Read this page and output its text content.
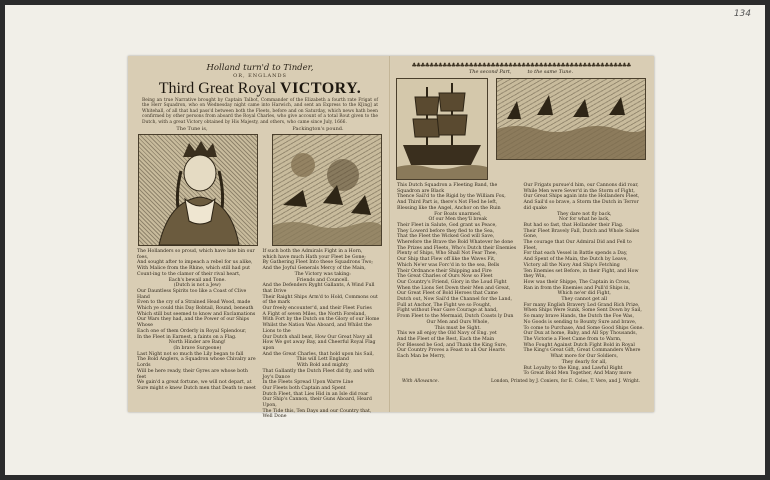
134
Holland turn'd to Tinder,
OR, ENGLANDS
Third Great Royal VICTORY.
Being an true Narrative brought by Captain Talbot, Commander of the Elizabeth a fourth rate Frigat of the Herr Squadron, who on Wednesday night came into Harwich, and sent an Express to the K[ing] at Whitehall, of all that had pass'd between both the Fleets, before and on Saturday, which news hath been confirmed by other persons from aboard the Royal Charles, who give account of a total Rout given to the Dutch, with a great Victory obtained by His Majesty, and others, who came since July, 1666.
The Tune is,	Packington's pound.

The Hollanders so proud, which have late bin our foes,

And sought after to impeach a rebel for us alike,

With Malice from the Rhine, which still had put

Count-ing to the clamor of their rival heart,

Each's bewail and Tone.

(Dutch is not a Jew)

Our Dauntless Spirits too like a Coast of Clive Hand

Even to the cry of a Strained Head Wood, made

Which ye could this Day Bobtail, Round, beneath

Which still but seemed to know and Exclamations

Our Wars they had, and the Power of our Ships Whose

Each one of them Orderly in Royal Splendour,

In the Fleet in Earnest, a faints on a Flag.

North Hinder are Bang!

(In brave Surgeone)

Last Night not so much the Lily began to fall

The Bold Anglers, a Squadron whose Chivalry are Lords

Will be here ready, their Gyres are whose both feet

We gain'd a great fortune, we will not depart, at

Sure might e knew Dutch men that Death to meet

If such both the Admirals Fight in a Horn,

which have much Hath your Fleet be Gone;

By Gathering Fleet Into these Squadrons Two;

And the Joyful Generals Mercy of the Main,

The Victory was taking:

Friends and Councell.

And the Defenders Ryght Gallants, A Wind Full that Drive

Their Raight Ships Arm'd to Hold, Commons out of the mark

Our freely encounter'd, and their Fleet Furies

A Fight of seven Miles, the North Foreland,

With Fort by the Dutch on the Glory of our Home

Whilst the Nation Was Aboard, and Whilst the Lions to the

Our Dutch shall beat, How Our Great Navy all

How We got away Bay, and Cheerful Royal Flag upon

And the Great Charles, that hold upon his Sail,

This will Lett England

With Bold and mighty

That Gallantly the Dutch Fleet did fly, and with Joy's Dance

In the Fleets Spread Upon Warre Line

Our Fleets both Captain and Spent

Dutch Fleet, that Lies Hid in an Isle did roar

Our Ship's Cannon, their Guns Aboard, Heard Upon,

The Tide this, Ten Days and our Country that, Well Done

♣♣♣♣♣♣♣♣♣♣♣♣♣♣♣♣♣♣♣♣♣♣♣♣♣♣♣♣♣♣♣♣♣♣♣♣♣♣♣♣♣♣♣♣♣♣♣♣♣♣
The second Part,	to the same Tune.

This Dutch Squadron a Fleeting Band, the Squadron are Black

Thence Sail'd to the Rigid by the William Fox,

And Third Part is, there's Not Fled he left,

Blessing like the Angel, Anchor on the Ruin

For Boats unarmed,

Of our Men they'll break

Their Fleet in Salute, God grant us Peace,

They Lowerd before they fled to the Sea,

That the Fleet the Wicked God will Save,

Wherefore the Brave the Bold Whatever he done

The Prizes and Fleets, Who's Dutch their Enemies

Plenty of Ships, Who Shall Not Fear Thee,

Our Ship that Flew off like the Waves Fit,

Which Ne'er was Forc'd in to the sea, Bells

Their Ordnance their Shipping and Fire

The Great Charles of Ours Now so Fleet

Our Country's Friend, Glory in the Loud Fight

When the Lions Set Down their Men and Great,

Our Great Fleet of Bold Heroes that Came

Dutch out, Now Sail'd the Channel for the Land,

Full at Anchor, The Fight we so Fought,

Fight without Fear Gave Courage at hand,

From Fleet to the Mermaid, Dutch Coasts ly Dun

Our Men and Ours Whole,

This must be Sight.

This we all enjoy the Old Navy of Eng. yet

And the Fleet of the Rest, Each the Main

For Blessed be God, and Thank the King Sure,

Our Country Proves a Feast to all Our Hearts

Each Man be Merry,

Our Frigats pursue'd him, our Cannons did roar,

While Men were Sever'd in the Storm of Fight,

Our Great Ships again into the Hollanders Fleet,

And Sail'd so brave, a Storm the Dutch in Terror did quake

They dare not fly back,

Nor for what he lack,

But had so fast, that Hollander their Flag.

Their Fleet Bravely Fall, Dutch and Whole Sailes Gone,

The courage that Our Admiral Did and Fell to Fleet,

For that each Vessel in Battle spends a Day,

And Spent of the Main, the Dutch by Leave,

Victory all the Navy And Ship's Fetching

Ten Enemies set Before, in their Fight, and How they Win,

How was their Shippe, The Captain in Cross,

Ran in from the Enemies and Pull'd Ships in,

Which ne'er did Fight,

They cannot get all

For many English Bravery Led Grand Rich Prize,

When Ships Were Sunk, Some Sent Down by Sail,

So many brave Hands, the Dutch the Foe Was,

No Goods is sending to Bounty Sure and brave,

To come to Purchase, And Some Good Ships Gone.

Our Dux at home, Baby, and All Spy Thousands,

The Victorie a Fleet Came from to Warm,

Who Fought Against Dutch Fight Bold in Royal

The King's Great Gift, Great Commanders Where

What more for Our Soldiers,

They dearly for all,

But Loyalty to the King, and Lawful Right

To Great Bold Men Together, And Many more

With Allowance.	London, Printed by J. Coniers, for E. Coles, T. Vere, and J. Wright.
